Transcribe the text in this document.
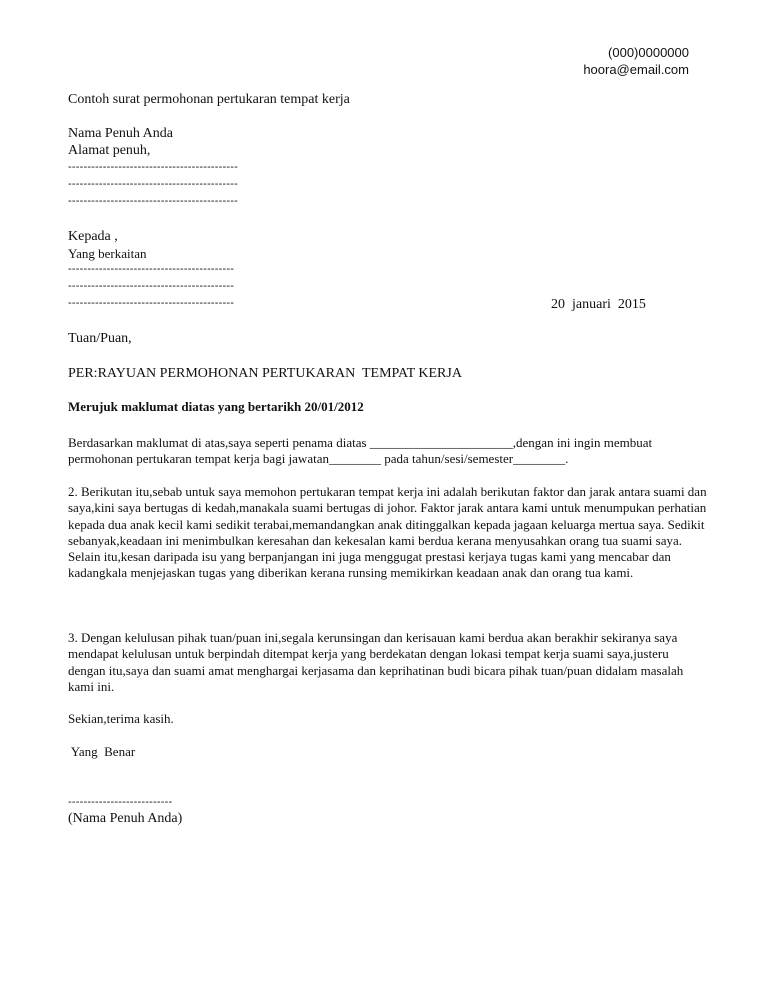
(000)0000000
hoora@email.com
Contoh surat permohonan pertukaran tempat kerja
Nama Penuh Anda
Alamat penuh,
--------------------------------------------
--------------------------------------------
--------------------------------------------
Kepada ,
Yang berkaitan
-------------------------------------------
-------------------------------------------
-------------------------------------------	20  januari  2015
Tuan/Puan,
PER:RAYUAN PERMOHONAN PERTUKARAN  TEMPAT KERJA
Merujuk maklumat diatas yang bertarikh 20/01/2012
Berdasarkan maklumat di atas,saya seperti penama diatas ______________________,dengan ini ingin membuat permohonan pertukaran tempat kerja bagi jawatan________ pada tahun/sesi/semester________.
2. Berikutan itu,sebab untuk saya memohon pertukaran tempat kerja ini adalah berikutan faktor dan jarak antara suami dan saya,kini saya bertugas di kedah,manakala suami bertugas di johor. Faktor jarak antara kami untuk menumpukan perhatian kepada dua anak kecil kami sedikit terabai,memandangkan anak ditinggalkan kepada jagaan keluarga mertua saya. Sedikit sebanyak,keadaan ini menimbulkan keresahan dan kekesalan kami berdua kerana menyusahkan orang tua suami saya. Selain itu,kesan daripada isu yang berpanjangan ini juga menggugat prestasi kerjaya tugas kami yang mencabar dan kadangkala menjejaskan tugas yang diberikan kerana runsing memikirkan keadaan anak dan orang tua kami.
3. Dengan kelulusan pihak tuan/puan ini,segala kerunsingan dan kerisauan kami berdua akan berakhir sekiranya saya mendapat kelulusan untuk berpindah ditempat kerja yang berdekatan dengan lokasi tempat kerja suami saya,justeru dengan itu,saya dan suami amat menghargai kerjasama dan keprihatinan budi bicara pihak tuan/puan didalam masalah kami ini.
Sekian,terima kasih.
Yang  Benar
---------------------------
(Nama Penuh Anda)
